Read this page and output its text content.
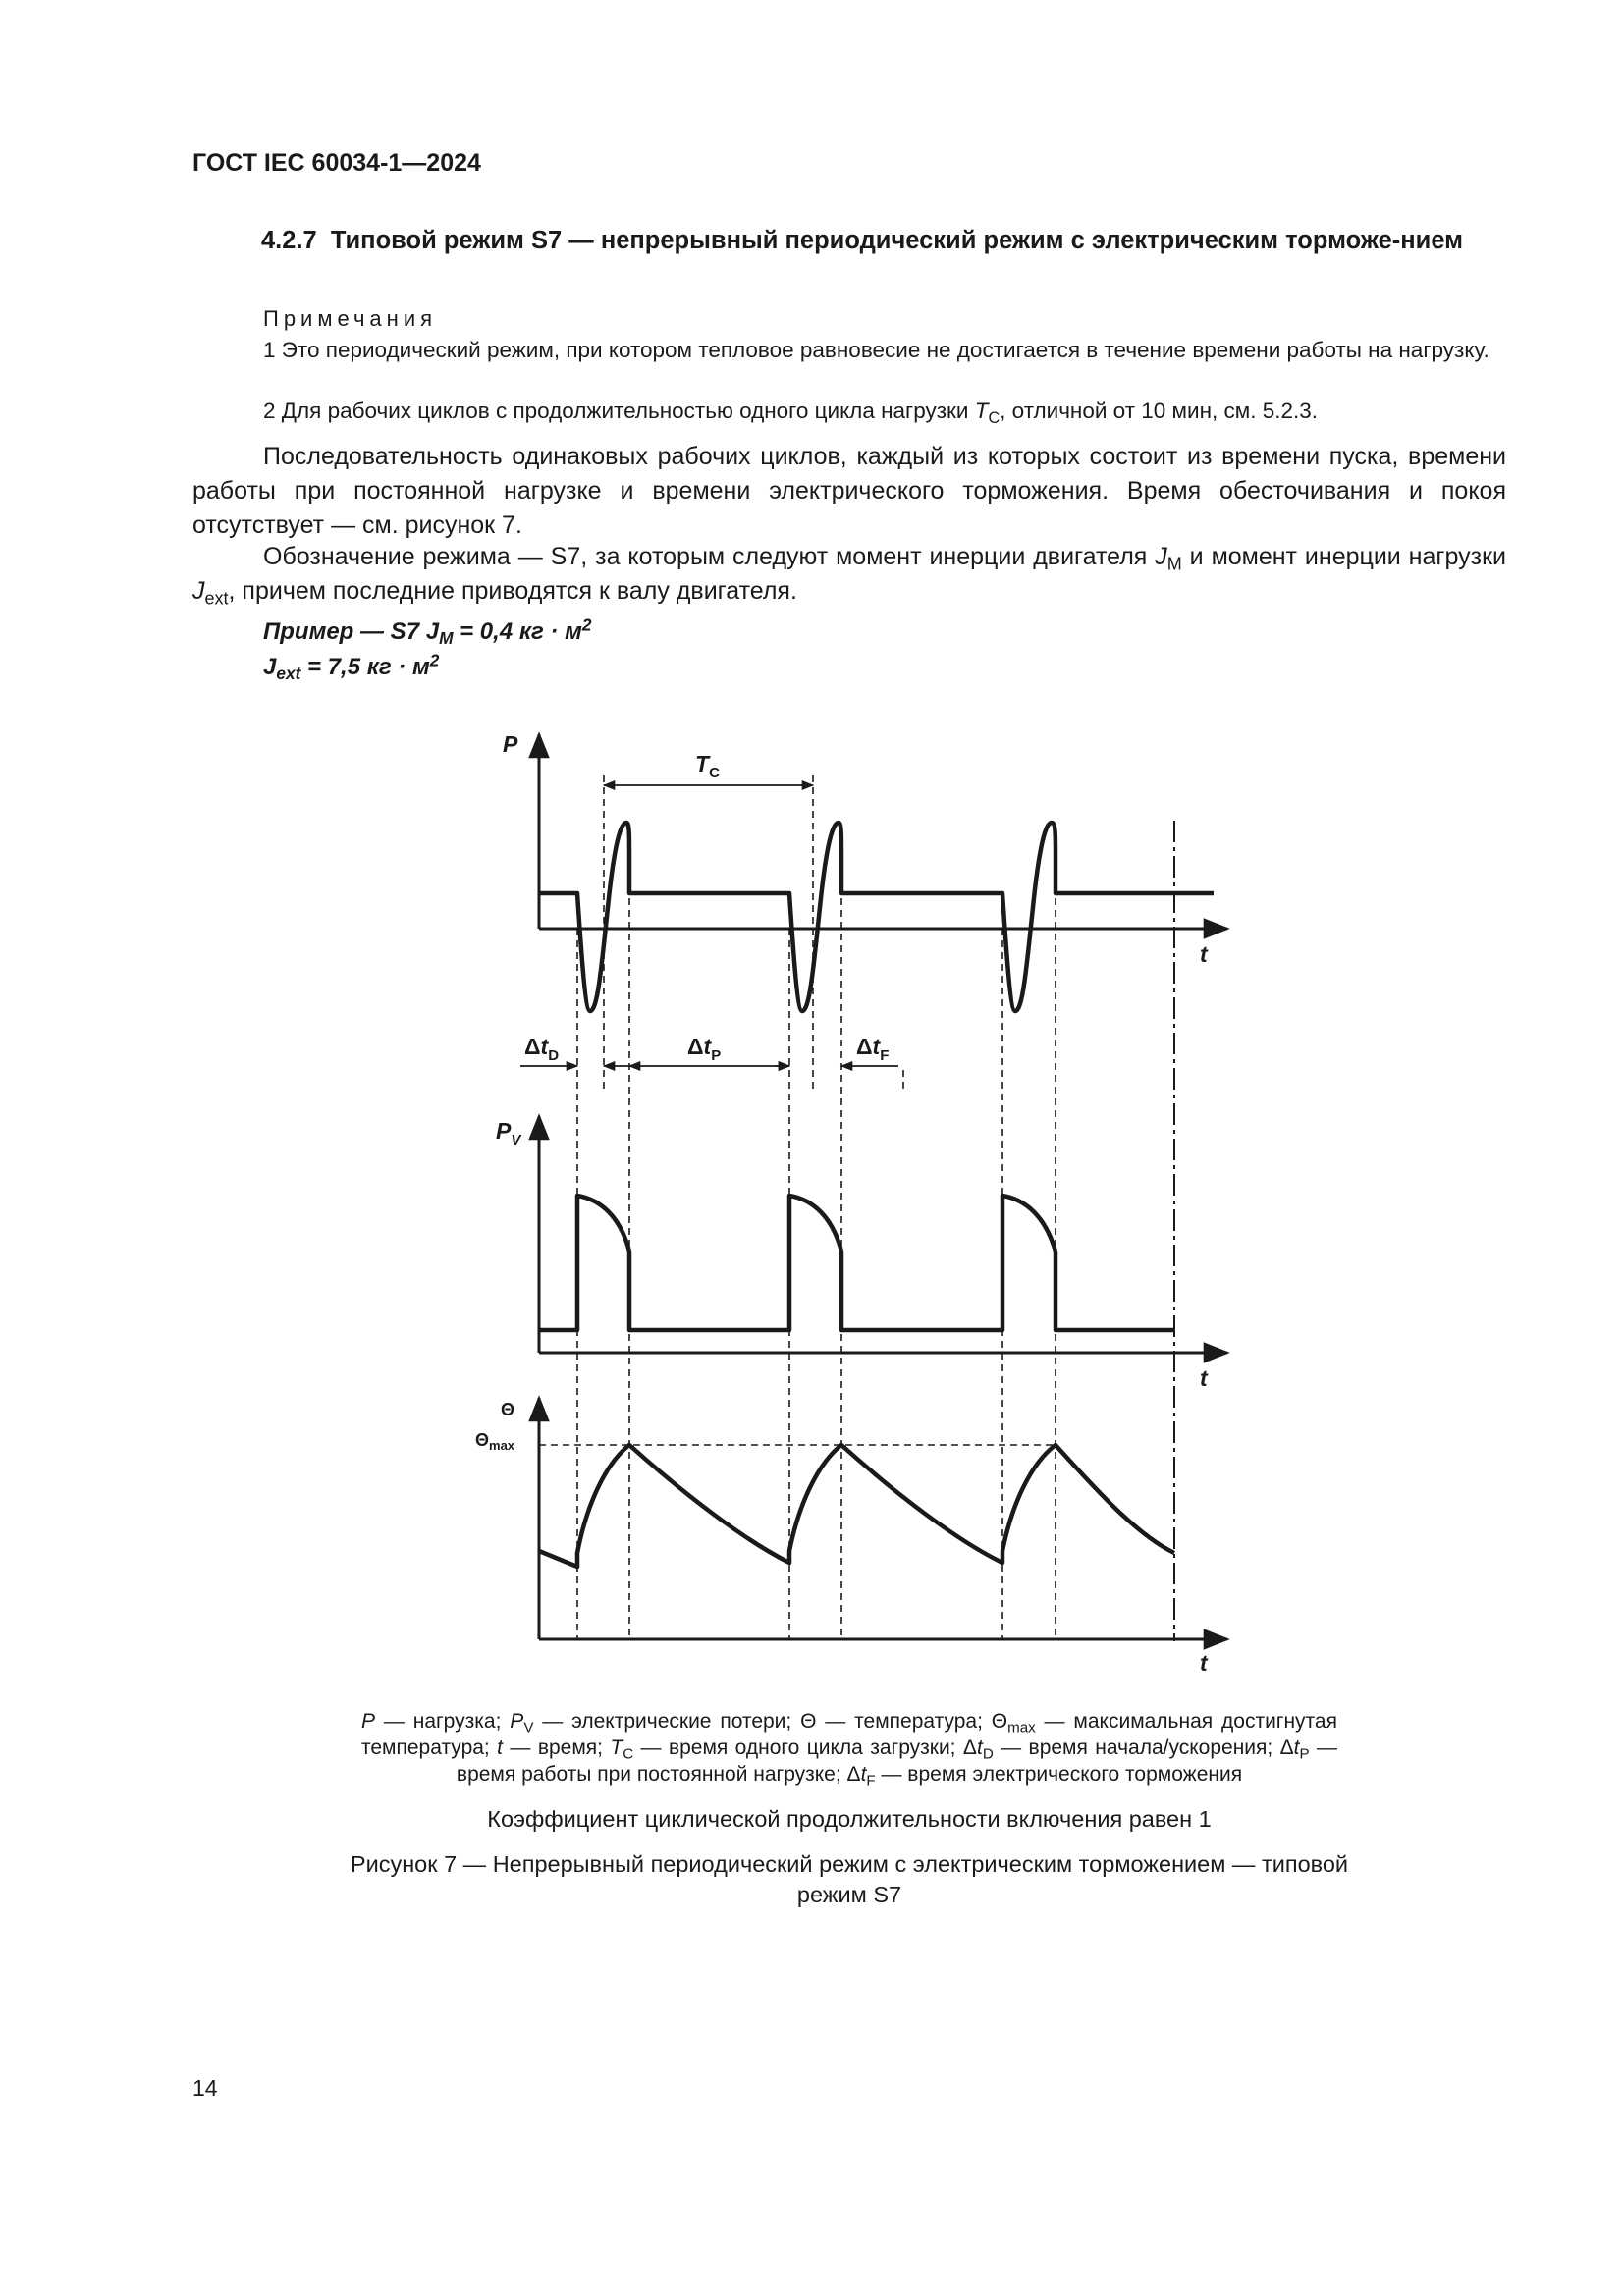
ГОСТ IEC 60034-1—2024
4.2.7 Типовой режим S7 — непрерывный периодический режим с электрическим торможе-нием
Примечания
1 Это периодический режим, при котором тепловое равновесие не достигается в течение времени работы на нагрузку.
2 Для рабочих циклов с продолжительностью одного цикла нагрузки $T_C$, отличной от 10 мин, см. 5.2.3.
Последовательность одинаковых рабочих циклов, каждый из которых состоит из времени пуска, времени работы при постоянной нагрузке и времени электрического торможения. Время обесточивания и покоя отсутствует — см. рисунок 7.
Обозначение режима — S7, за которым следуют момент инерции двигателя $J_M$ и момент инерции нагрузки $J_{ext}$, причем последние приводятся к валу двигателя.
Пример — S7 $J_M = 0,4$ кг · $м^2$
$J_{ext} = 7,5$ кг · $м^2$
P
$P_V$
t
t
t
$T_C$
$\Delta t_D$	$\Delta t_P$	$\Delta t_F$
Θ
$\Theta_{max}$
P — нагрузка; $P_V$ — электрические потери; Θ — температура; $\Theta_{max}$ — максимальная достигнутая температура; t — время; $T_C$ — время одного цикла загрузки; $\Delta t_D$ — время начала/ускорения; $\Delta t_P$ — время работы при постоянной нагрузке; $\Delta t_F$ — время электрического торможения
Коэффициент циклической продолжительности включения равен 1
Рисунок 7 — Непрерывный периодический режим с электрическим торможением — типовой режим S7
14
